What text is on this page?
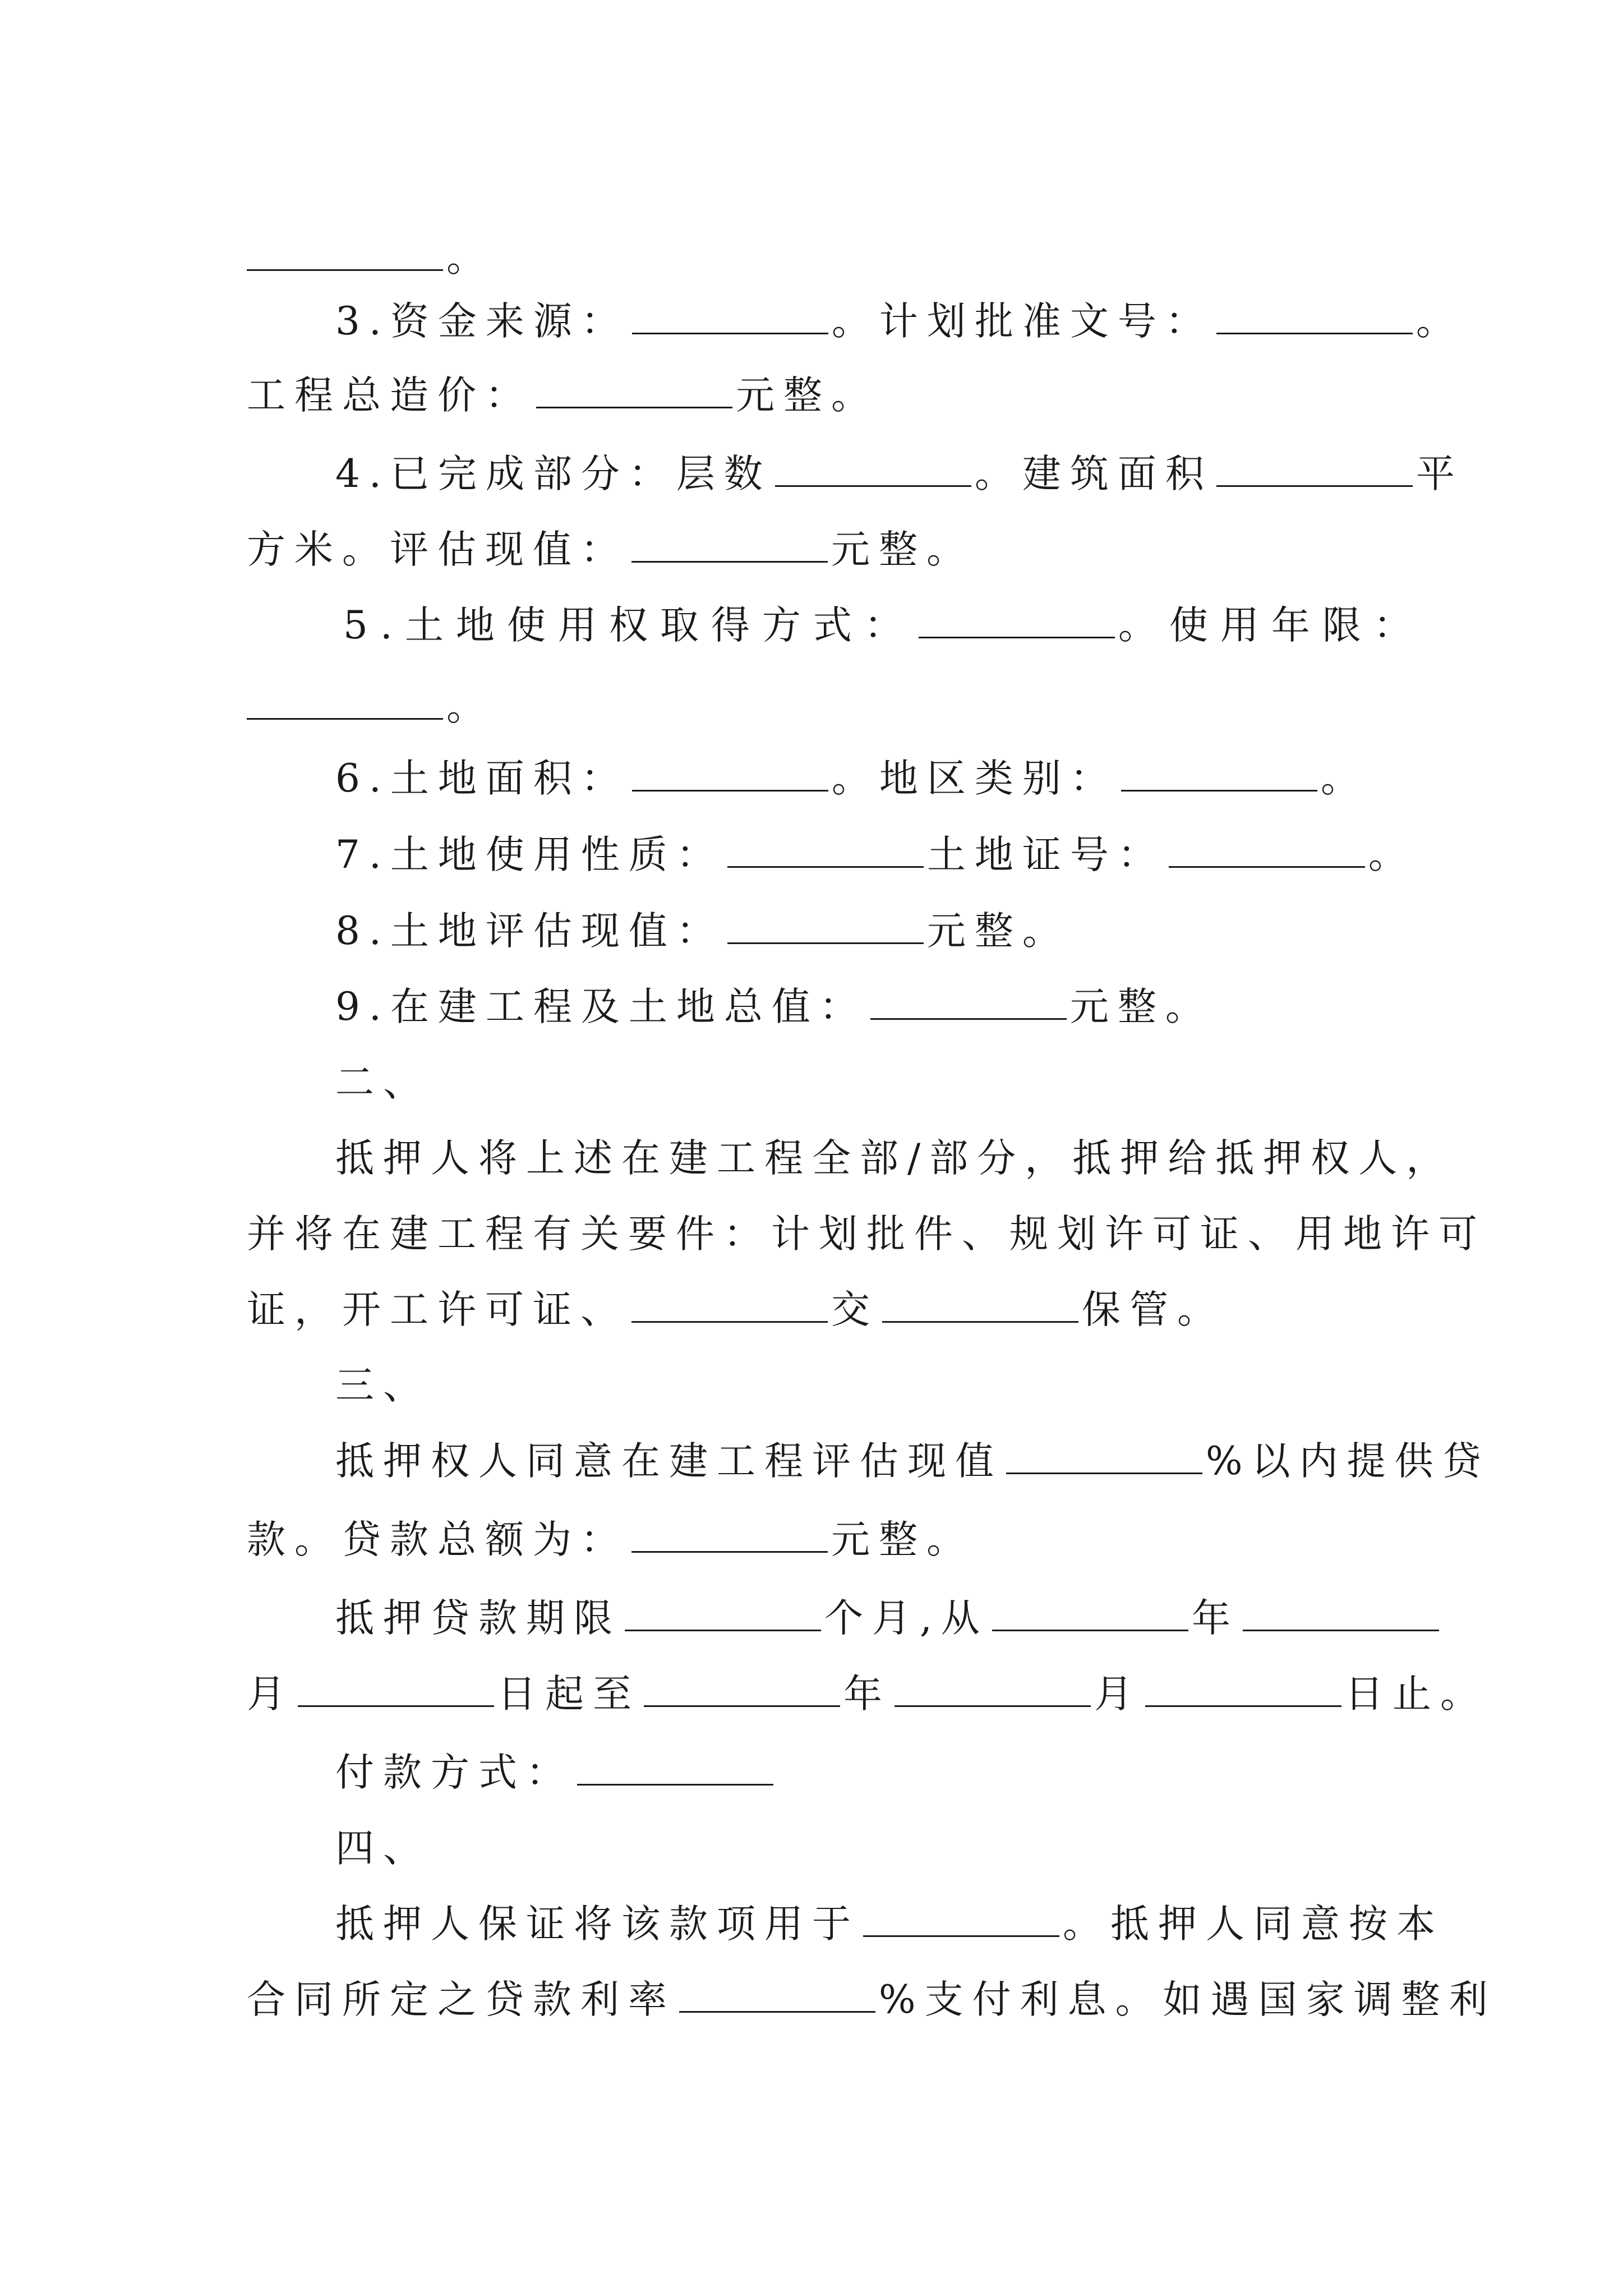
。
3.资金来源：	。计划批准文号：	。
工程总造价：	元整。
4.已完成部分：层数	。建筑面积	平
方米。评估现值：	元整。
5.土地使用权取得方式：	。使用年限：
。
6.土地面积：	。地区类别：	。
7.土地使用性质：	土地证号：	。
8.土地评估现值：	元整。
9.在建工程及土地总值：	元整。
二、
抵押人将上述在建工程全部/部分，抵押给抵押权人，
并将在建工程有关要件：计划批件、规划许可证、用地许可
证，开工许可证、	交	保管。
三、
抵押权人同意在建工程评估现值	%以内提供贷
款。贷款总额为：	元整。
抵押贷款期限	个月,从	年
月	日起至	年	月	日止。
付款方式：
四、
抵押人保证将该款项用于	。抵押人同意按本
合同所定之贷款利率	%支付利息。如遇国家调整利
